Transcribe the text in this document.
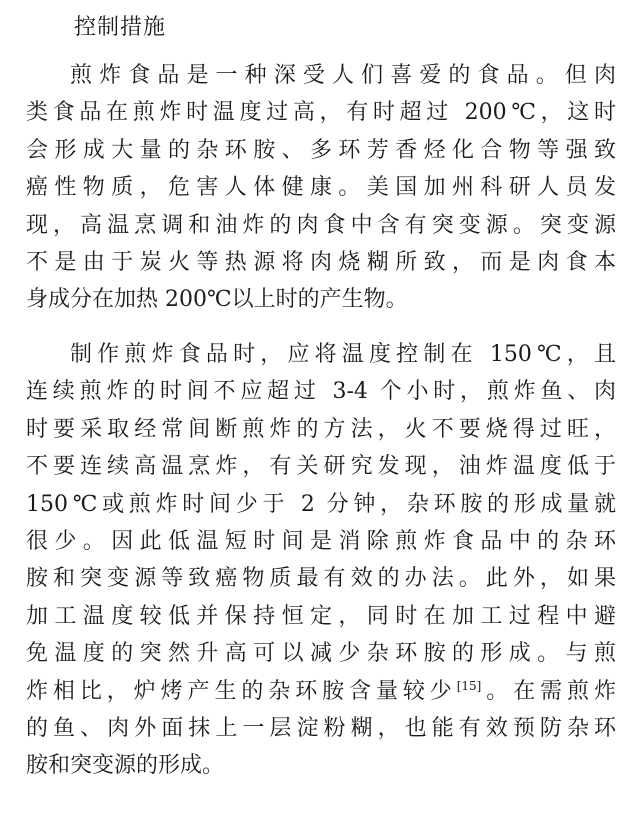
控制措施
煎炸食品是一种深受人们喜爱的食品。但肉
类食品在煎炸时温度过高，有时超过 200℃，这时
会形成大量的杂环胺、多环芳香烃化合物等强致
癌性物质，危害人体健康。美国加州科研人员发
现，高温烹调和油炸的肉食中含有突变源。突变源
不是由于炭火等热源将肉烧糊所致，而是肉食本
身成分在加热 200℃以上时的产生物。
制作煎炸食品时，应将温度控制在 150℃，且
连续煎炸的时间不应超过 3-4 个小时，煎炸鱼、肉
时要采取经常间断煎炸的方法，火不要烧得过旺，
不要连续高温烹炸，有关研究发现，油炸温度低于
150℃或煎炸时间少于 2 分钟，杂环胺的形成量就
很少。因此低温短时间是消除煎炸食品中的杂环
胺和突变源等致癌物质最有效的办法。此外，如果
加工温度较低并保持恒定，同时在加工过程中避
免温度的突然升高可以减少杂环胺的形成。与煎
炸相比，炉烤产生的杂环胺含量较少[15]。在需煎炸
的鱼、肉外面抹上一层淀粉糊，也能有效预防杂环
胺和突变源的形成。
